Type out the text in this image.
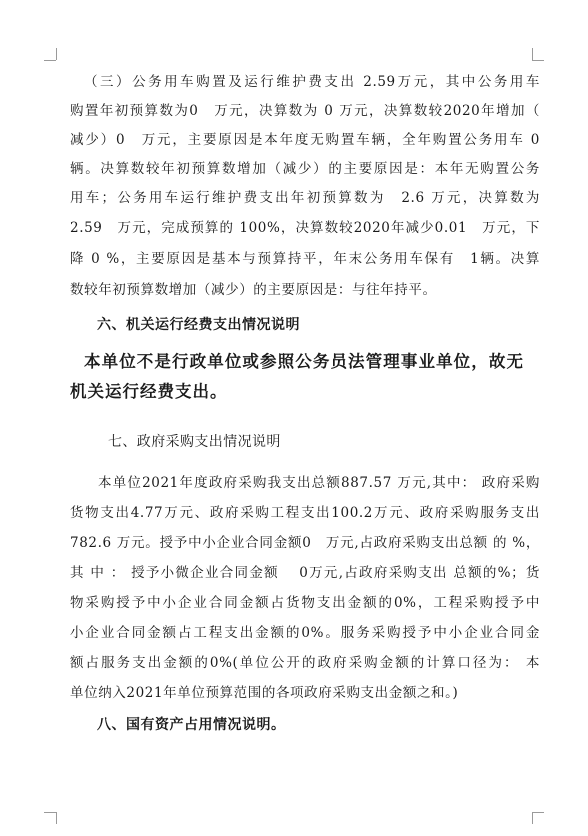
（三）公务用车购置及运行维护费支出 2.59万元，其中公务用车
购置年初预算数为0　万元，决算数为 0 万元，决算数较2020年增加（
减少）0　万元，主要原因是本年度无购置车辆，全年购置公务用车 0
辆。决算数较年初预算数增加（减少）的主要原因是：本年无购置公务
用车；公务用车运行维护费支出年初预算数为　2.6 万元，决算数为
2.59　万元，完成预算的 100%，决算数较2020年减少0.01　万元，下
降 0 %，主要原因是基本与预算持平，年末公务用车保有　1辆。决算
数较年初预算数增加（减少）的主要原因是：与往年持平。
六、机关运行经费支出情况说明
本单位不是行政单位或参照公务员法管理事业单位，故无
机关运行经费支出。
七、政府采购支出情况说明
本单位2021年度政府采购我支出总额887.57 万元,其中： 政府采购
货物支出4.77万元、政府采购工程支出100.2万元、政府采购服务支出
782.6 万元。授予中小企业合同金额0　万元,占政府采购支出总额 的 %，
其 中 ： 授予小微企业合同金额　 0万元,占政府采购支出 总额的%；货
物采购授予中小企业合同金额占货物支出金额的0%，工程采购授予中
小企业合同金额占工程支出金额的0%。服务采购授予中小企业合同金
额占服务支出金额的0%(单位公开的政府采购金额的计算口径为： 本
单位纳入2021年单位预算范围的各项政府采购支出金额之和。)
八、国有资产占用情况说明。
